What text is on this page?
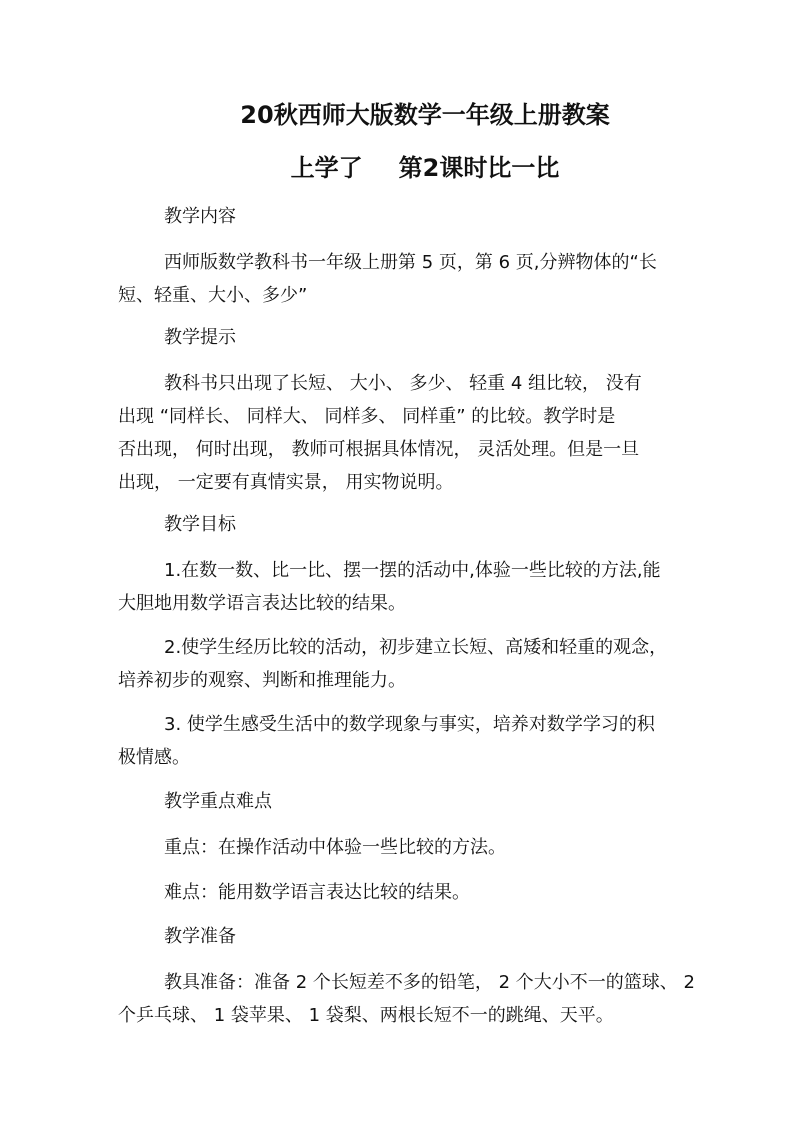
20秋西师大版数学一年级上册教案
上学了 第2课时比一比
教学内容
西师版数学教科书一年级上册第 5 页，第 6 页,分辨物体的“长
短、轻重、大小、多少”
教学提示
教科书只出现了长短、 大小、 多少、 轻重 4 组比较， 没有
出现 “同样长、 同样大、 同样多、 同样重” 的比较。教学时是
否出现， 何时出现， 教师可根据具体情况， 灵活处理。但是一旦
出现， 一定要有真情实景， 用实物说明。
教学目标
1.在数一数、比一比、摆一摆的活动中,体验一些比较的方法,能
大胆地用数学语言表达比较的结果。
2.使学生经历比较的活动，初步建立长短、高矮和轻重的观念，
培养初步的观察、判断和推理能力。
3. 使学生感受生活中的数学现象与事实，培养对数学学习的积
极情感。
教学重点难点
重点：在操作活动中体验一些比较的方法。
难点：能用数学语言表达比较的结果。
教学准备
教具准备：准备 2 个长短差不多的铅笔， 2 个大小不一的篮球、 2
个乒乓球、 1 袋苹果、 1 袋梨、两根长短不一的跳绳、天平。
